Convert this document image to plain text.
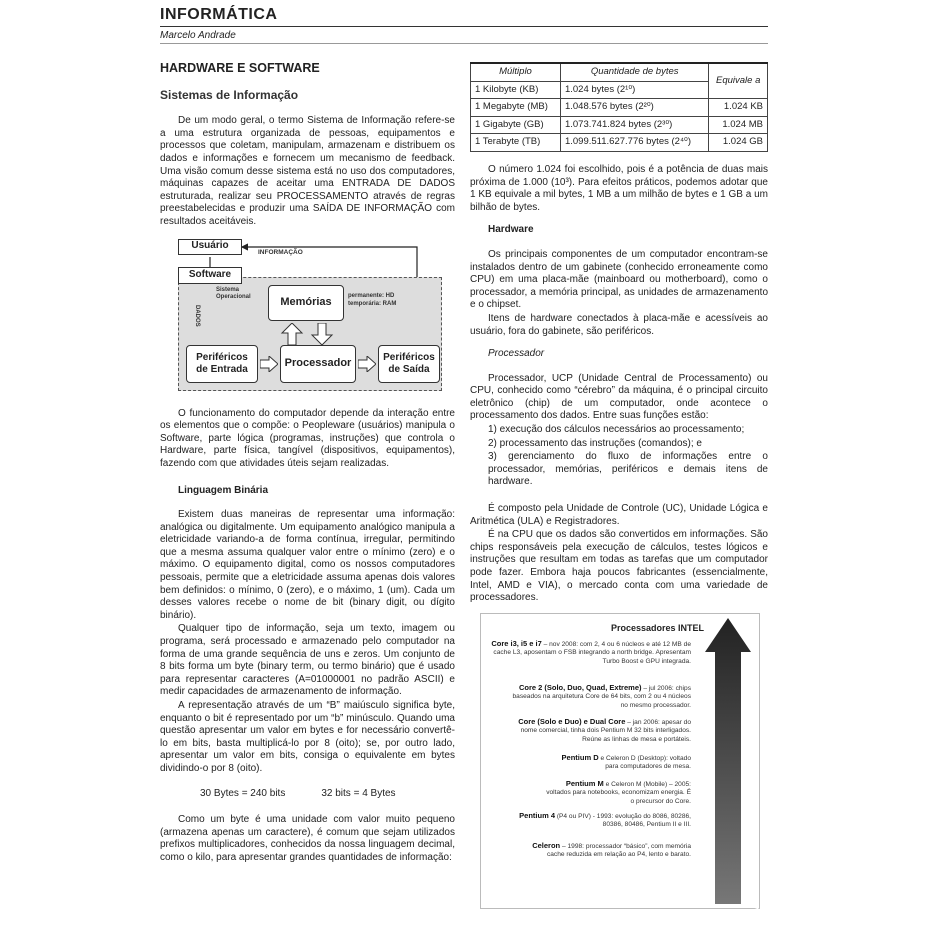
INFORMÁTICA
Marcelo Andrade
HARDWARE E SOFTWARE
Sistemas de Informação

De um modo geral, o termo Sistema de Informação refere-se a uma estrutura organizada de pessoas, equipamentos e processos que coletam, manipulam, armazenam e distribuem os dados e informações e fornecem um mecanismo de feedback. Uma visão comum desse sistema está no uso dos computadores, máquinas capazes de aceitar uma ENTRADA DE DADOS estruturada, realizar seu PROCESSAMENTO através de regras preestabelecidas e produzir uma SAÍDA DE INFORMAÇÃO com resultados aceitáveis.

Usuário
INFORMAÇÃO
Software
Sistema Operacional
DADOS
Memórias
permanente: HD
temporária: RAM
Periféricos
de Entrada	Processador
Periféricos
de Saída

O funcionamento do computador depende da interação entre os elementos que o compõe: o Peopleware (usuários) manipula o Software, parte lógica (programas, instruções) que controla o Hardware, parte física, tangível (dispositivos, equipamentos), fazendo com que atividades úteis sejam realizadas.

Linguagem Binária

Existem duas maneiras de representar uma informação: analógica ou digitalmente. Um equipamento analógico manipula a eletricidade variando-a de forma contínua, irregular, permitindo que a mesma assuma qualquer valor entre o mínimo (zero) e o máximo. O equipamento digital, como os nossos computadores pessoais, permite que a eletricidade assuma apenas dois valores bem definidos: o mínimo, 0 (zero), e o máximo, 1 (um). Cada um desses valores recebe o nome de bit (binary digit, ou dígito binário).

Qualquer tipo de informação, seja um texto, imagem ou programa, será processado e armazenado pelo computador na forma de uma grande sequência de uns e zeros. Um conjunto de 8 bits forma um byte (binary term, ou termo binário) que é usado para representar caracteres (A=01000001 no padrão ASCII) e medir capacidades de armazenamento de informação.

A representação através de um “B” maiúsculo significa byte, enquanto o bit é representado por um “b” minúsculo. Quando uma questão apresentar um valor em bytes e for necessário convertê-lo em bits, basta multiplicá-lo por 8 (oito); se, por outro lado, apresentar um valor em bits, consiga o equivalente em bytes dividindo-o por 8 (oito).

30 Bytes = 240 bits	32 bits = 4 Bytes

Como um byte é uma unidade com valor muito pequeno (armazena apenas um caractere), é comum que sejam utilizados prefixos multiplicadores, conhecidos da nossa linguagem decimal, como o kilo, para apresentar grandes quantidades de informação:

Múltiplo	Quantidade de bytes	Equivale a
1 Kilobyte (KB)	1.024 bytes (2¹⁰)	
1 Megabyte (MB)	1.048.576 bytes (2²⁰)	1.024 KB
1 Gigabyte (GB)	1.073.741.824 bytes (2³⁰)	1.024 MB
1 Terabyte (TB)	1.099.511.627.776 bytes (2⁴⁰)	1.024 GB

O número 1.024 foi escolhido, pois é a potência de duas mais próxima de 1.000 (10³). Para efeitos práticos, podemos adotar que 1 KB equivale a mil bytes, 1 MB a um milhão de bytes e 1 GB a um bilhão de bytes.

Hardware

Os principais componentes de um computador encontram-se instalados dentro de um gabinete (conhecido erroneamente como CPU) em uma placa-mãe (mainboard ou motherboard), como o processador, a memória principal, as unidades de armazenamento e o chipset.

Itens de hardware conectados à placa-mãe e acessíveis ao usuário, fora do gabinete, são periféricos.

Processador

Processador, UCP (Unidade Central de Processamento) ou CPU, conhecido como “cérebro” da máquina, é o principal circuito eletrônico (chip) de um computador, onde acontece o processamento dos dados. Entre suas funções estão:

1) execução dos cálculos necessários ao processamento;

2) processamento das instruções (comandos); e

3) gerenciamento do fluxo de informações entre o processador, memórias, periféricos e demais itens de hardware.

É composto pela Unidade de Controle (UC), Unidade Lógica e Aritmética (ULA) e Registradores.

É na CPU que os dados são convertidos em informações. São chips responsáveis pela execução de cálculos, testes lógicos e instruções que resultam em todas as tarefas que um computador pode fazer. Embora haja poucos fabricantes (essencialmente, Intel, AMD e VIA), o mercado conta com uma variedade de processadores.

Processadores INTEL
VELOCIDADE
Core i3, i5 e i7 – nov 2008: com 2, 4 ou 6 núcleos e até 12 MB de cache L3, aposentam o FSB integrando a north bridge. Apresentam Turbo Boost e GPU integrada.
Core 2 (Solo, Duo, Quad, Extreme) – jul 2006: chips baseados na arquitetura Core de 64 bits, com 2 ou 4 núcleos no mesmo processador.
Core (Solo e Duo) e Dual Core – jan 2006: apesar do nome comercial, tinha dois Pentium M 32 bits interligados. Reúne as linhas de mesa e portáteis.
Pentium D e Celeron D (Desktop): voltado para computadores de mesa.
Pentium M e Celeron M (Mobile) – 2005: voltados para notebooks, economizam energia. É o precursor do Core.
Pentium 4 (P4 ou PIV) - 1993: evolução do 8086, 80286, 80386, 80486, Pentium II e III.
Celeron – 1998: processador “básico”, com memória cache reduzida em relação ao P4, lento e barato.
